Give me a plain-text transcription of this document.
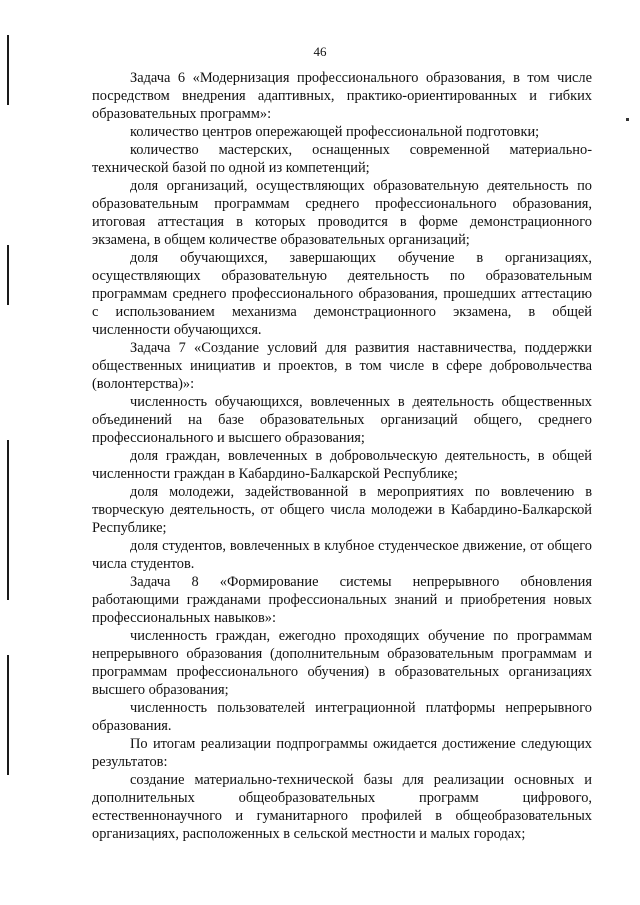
46

Задача 6 «Модернизация профессионального образования, в том числе посредством внедрения адаптивных, практико-ориентированных и гибких образовательных программ»:

количество центров опережающей профессиональной подготовки;

количество мастерских, оснащенных современной материально-технической базой по одной из компетенций;

доля организаций, осуществляющих образовательную деятельность по образовательным программам среднего профессионального образования, итоговая аттестация в которых проводится в форме демонстрационного экзамена, в общем количестве образовательных организаций;

доля обучающихся, завершающих обучение в организациях, осуществляющих образовательную деятельность по образовательным программам среднего профессионального образования, прошедших аттестацию с использованием механизма демонстрационного экзамена, в общей численности обучающихся.

Задача 7 «Создание условий для развития наставничества, поддержки общественных инициатив и проектов, в том числе в сфере добровольчества (волонтерства)»:

численность обучающихся, вовлеченных в деятельность общественных объединений на базе образовательных организаций общего, среднего профессионального и высшего образования;

доля граждан, вовлеченных в добровольческую деятельность, в общей численности граждан в Кабардино-Балкарской Республике;

доля молодежи, задействованной в мероприятиях по вовлечению в творческую деятельность, от общего числа молодежи в Кабардино-Балкарской Республике;

доля студентов, вовлеченных в клубное студенческое движение, от общего числа студентов.

Задача 8 «Формирование системы непрерывного обновления работающими гражданами профессиональных знаний и приобретения новых профессиональных навыков»:

численность граждан, ежегодно проходящих обучение по программам непрерывного образования (дополнительным образовательным программам и программам профессионального обучения) в образовательных организациях высшего образования;

численность пользователей интеграционной платформы непрерывного образования.

По итогам реализации подпрограммы ожидается достижение следующих результатов:

создание материально-технической базы для реализации основных и дополнительных общеобразовательных программ цифрового, естественнонаучного и гуманитарного профилей в общеобразовательных организациях, расположенных в сельской местности и малых городах;
